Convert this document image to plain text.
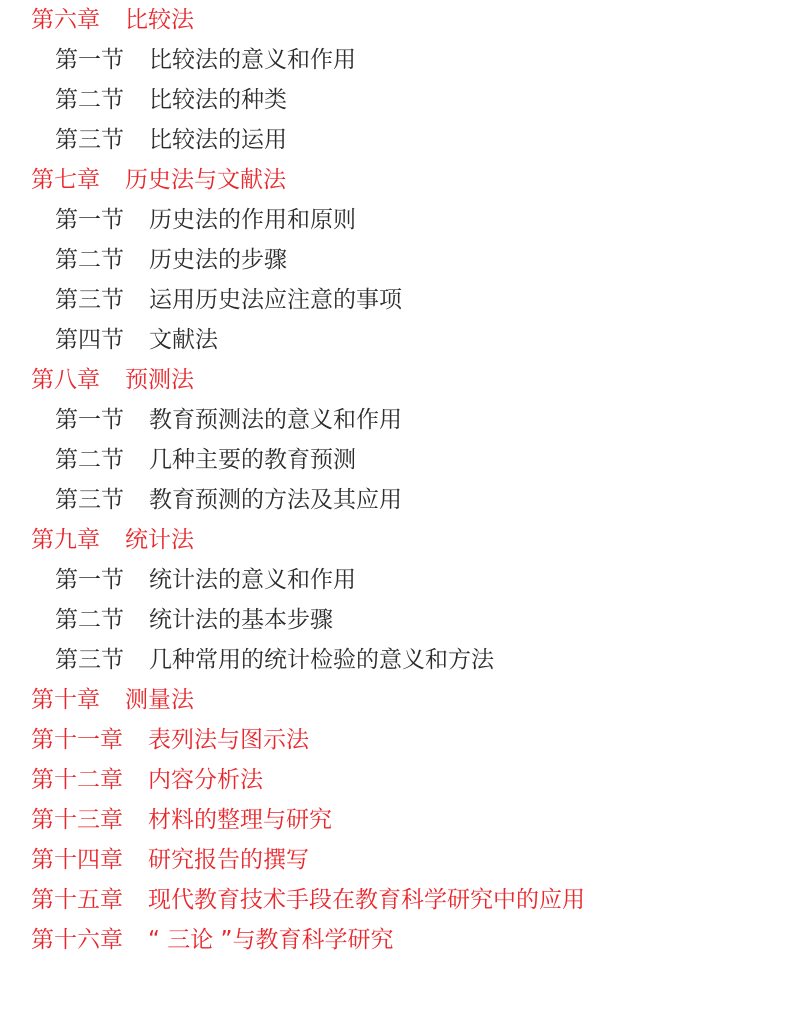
第六章 比较法
第一节 比较法的意义和作用
第二节 比较法的种类
第三节 比较法的运用
第七章 历史法与文献法
第一节 历史法的作用和原则
第二节 历史法的步骤
第三节 运用历史法应注意的事项
第四节 文献法
第八章 预测法
第一节 教育预测法的意义和作用
第二节 几种主要的教育预测
第三节 教育预测的方法及其应用
第九章 统计法
第一节 统计法的意义和作用
第二节 统计法的基本步骤
第三节 几种常用的统计检验的意义和方法
第十章 测量法
第十一章 表列法与图示法
第十二章 内容分析法
第十三章 材料的整理与研究
第十四章 研究报告的撰写
第十五章 现代教育技术手段在教育科学研究中的应用
第十六章 “ 三论 ”与教育科学研究
